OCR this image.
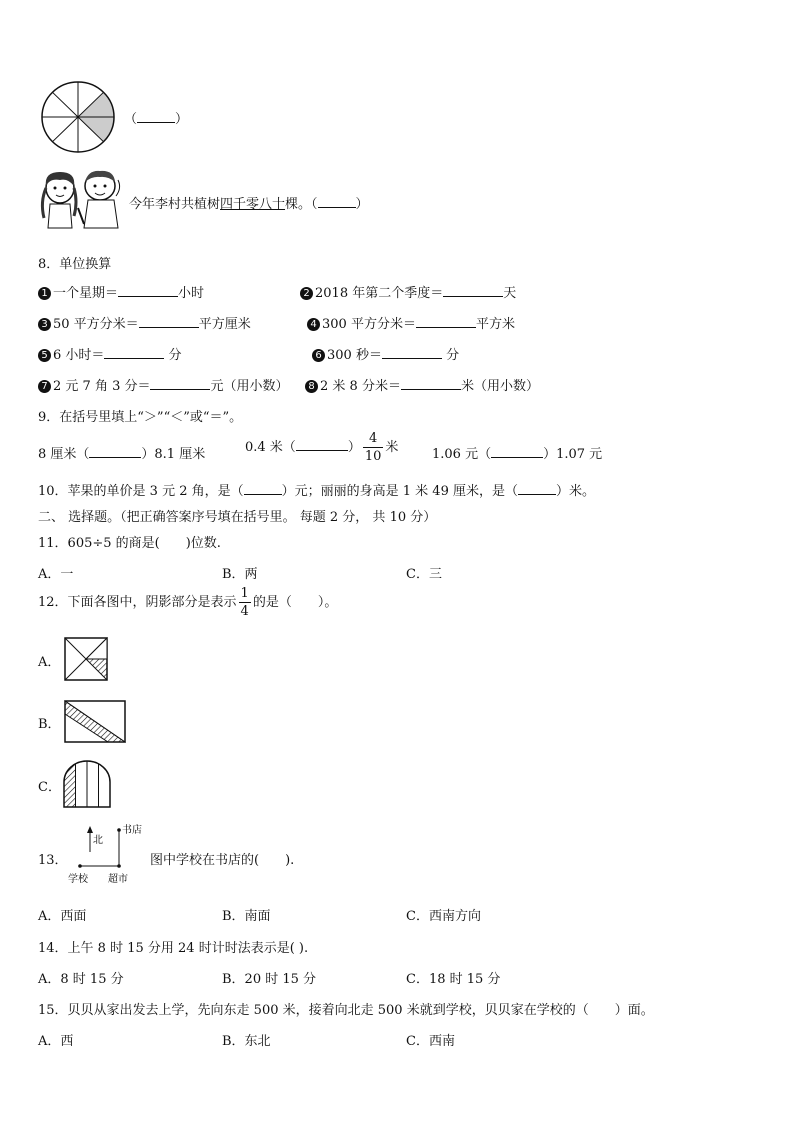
（	）
今年李村共植树四千零八十棵。（	）
8．单位换算
1 一个星期＝	小时	2 2018 年第二个季度＝	天
3 50 平方分米＝	平方厘米	4 300 平方分米＝	平方米
5 6 小时＝	分	6 300 秒＝	分
7 2 元 7 角 3 分＝	元（用小数）	8 2 米 8 分米＝	米（用小数）
9．在括号里填上“＞”“＜”或“＝”。
8 厘米（	）8.1 厘米	0.4 米（	） $\frac{4}{10}$ 米	1.06 元（	）1.07 元
10．苹果的单价是 3 元 2 角，是（	）元；丽丽的身高是 1 米 49 厘米，是（	）米。
二、 选择题。（把正确答案序号填在括号里。 每题 2 分， 共 10 分）
11．605÷5 的商是(　　)位数.
A．一	B．两	C．三
12．下面各图中，阴影部分是表示 $\frac{1}{4}$ 的是（　　）。
A．
B．
C．
北
书店
学校 超市
13．	图中学校在书店的(　　).
A．西面	B．南面	C．西南方向
14．上午 8 时 15 分用 24 时计时法表示是( ).
A．8 时 15 分	B．20 时 15 分	C．18 时 15 分
15．贝贝从家出发去上学，先向东走 500 米，接着向北走 500 米就到学校，贝贝家在学校的（　　）面。
A．西	B．东北	C．西南
